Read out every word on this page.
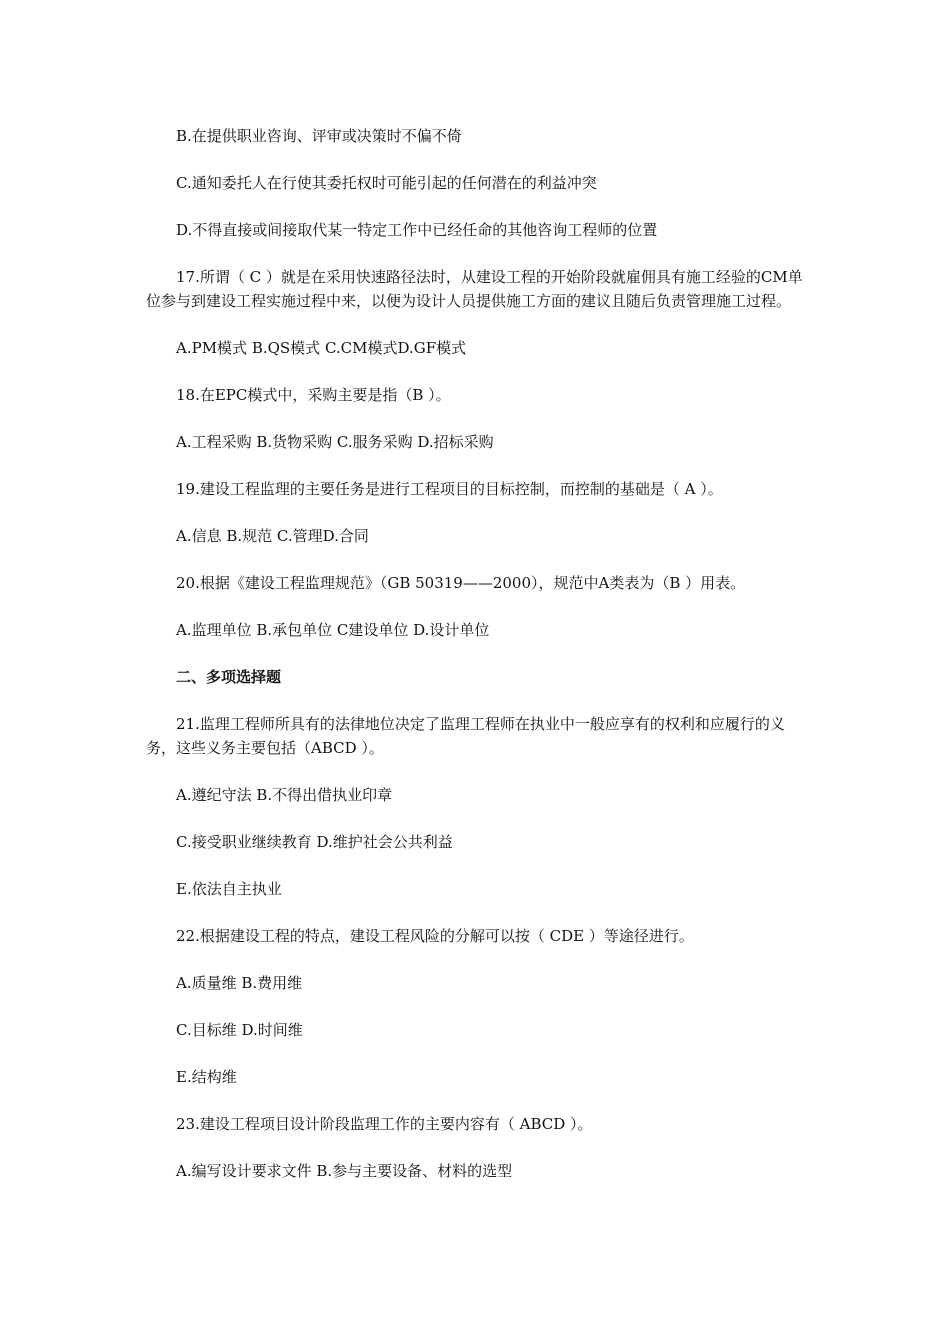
B.在提供职业咨询、评审或决策时不偏不倚

C.通知委托人在行使其委托权时可能引起的任何潜在的利益冲突

D.不得直接或间接取代某一特定工作中已经任命的其他咨询工程师的位置

17.所谓（ C ）就是在采用快速路径法时，从建设工程的开始阶段就雇佣具有施工经验的CM单位参与到建设工程实施过程中来，以便为设计人员提供施工方面的建议且随后负责管理施工过程。

A.PM模式 B.QS模式 C.CM模式D.GF模式

18.在EPC模式中，采购主要是指（B ）。

A.工程采购 B.货物采购 C.服务采购 D.招标采购

19.建设工程监理的主要任务是进行工程项目的目标控制，而控制的基础是（ A ）。

A.信息 B.规范 C.管理D.合同

20.根据《建设工程监理规范》（GB 50319——2000），规范中A类表为（B ）用表。

A.监理单位 B.承包单位 C建设单位 D.设计单位

二、多项选择题

21.监理工程师所具有的法律地位决定了监理工程师在执业中一般应享有的权利和应履行的义务，这些义务主要包括（ABCD ）。

A.遵纪守法 B.不得出借执业印章

C.接受职业继续教育 D.维护社会公共利益

E.依法自主执业

22.根据建设工程的特点，建设工程风险的分解可以按（ CDE ）等途径进行。

A.质量维 B.费用维

C.目标维 D.时间维

E.结构维

23.建设工程项目设计阶段监理工作的主要内容有（ ABCD ）。

A.编写设计要求文件 B.参与主要设备、材料的选型
